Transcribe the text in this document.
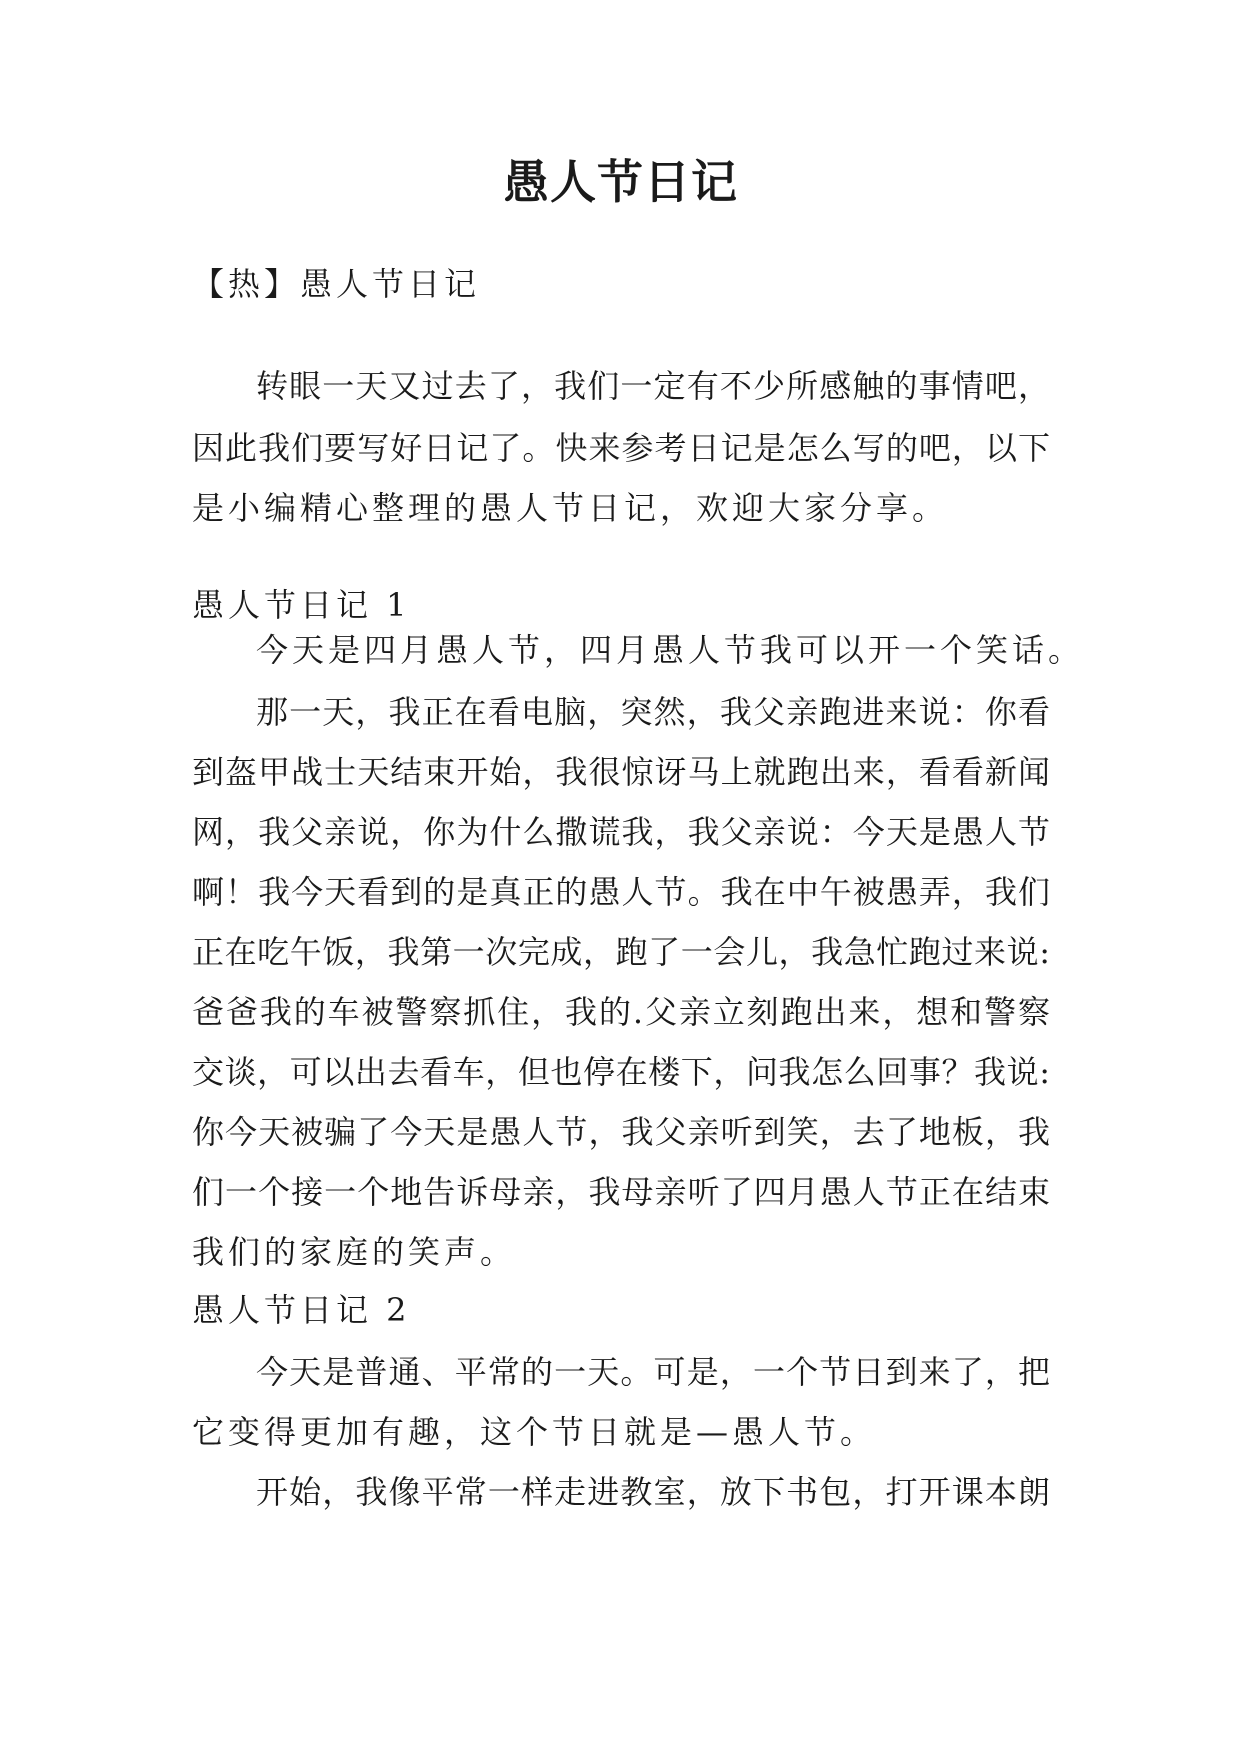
愚人节日记
【热】愚人节日记
转眼一天又过去了，我们一定有不少所感触的事情吧，
因此我们要写好日记了。快来参考日记是怎么写的吧，以下
是小编精心整理的愚人节日记，欢迎大家分享。
愚人节日记 1
今天是四月愚人节，四月愚人节我可以开一个笑话。
那一天，我正在看电脑，突然，我父亲跑进来说：你看
到盔甲战士天结束开始，我很惊讶马上就跑出来，看看新闻
网，我父亲说，你为什么撒谎我，我父亲说：今天是愚人节
啊！我今天看到的是真正的愚人节。我在中午被愚弄，我们
正在吃午饭，我第一次完成，跑了一会儿，我急忙跑过来说:
爸爸我的车被警察抓住，我的.父亲立刻跑出来，想和警察
交谈，可以出去看车，但也停在楼下，问我怎么回事？我说:
你今天被骗了今天是愚人节，我父亲听到笑，去了地板，我
们一个接一个地告诉母亲，我母亲听了四月愚人节正在结束
我们的家庭的笑声。
愚人节日记 2
今天是普通、平常的一天。可是，一个节日到来了，把
它变得更加有趣，这个节日就是—愚人节。
开始，我像平常一样走进教室，放下书包，打开课本朗
